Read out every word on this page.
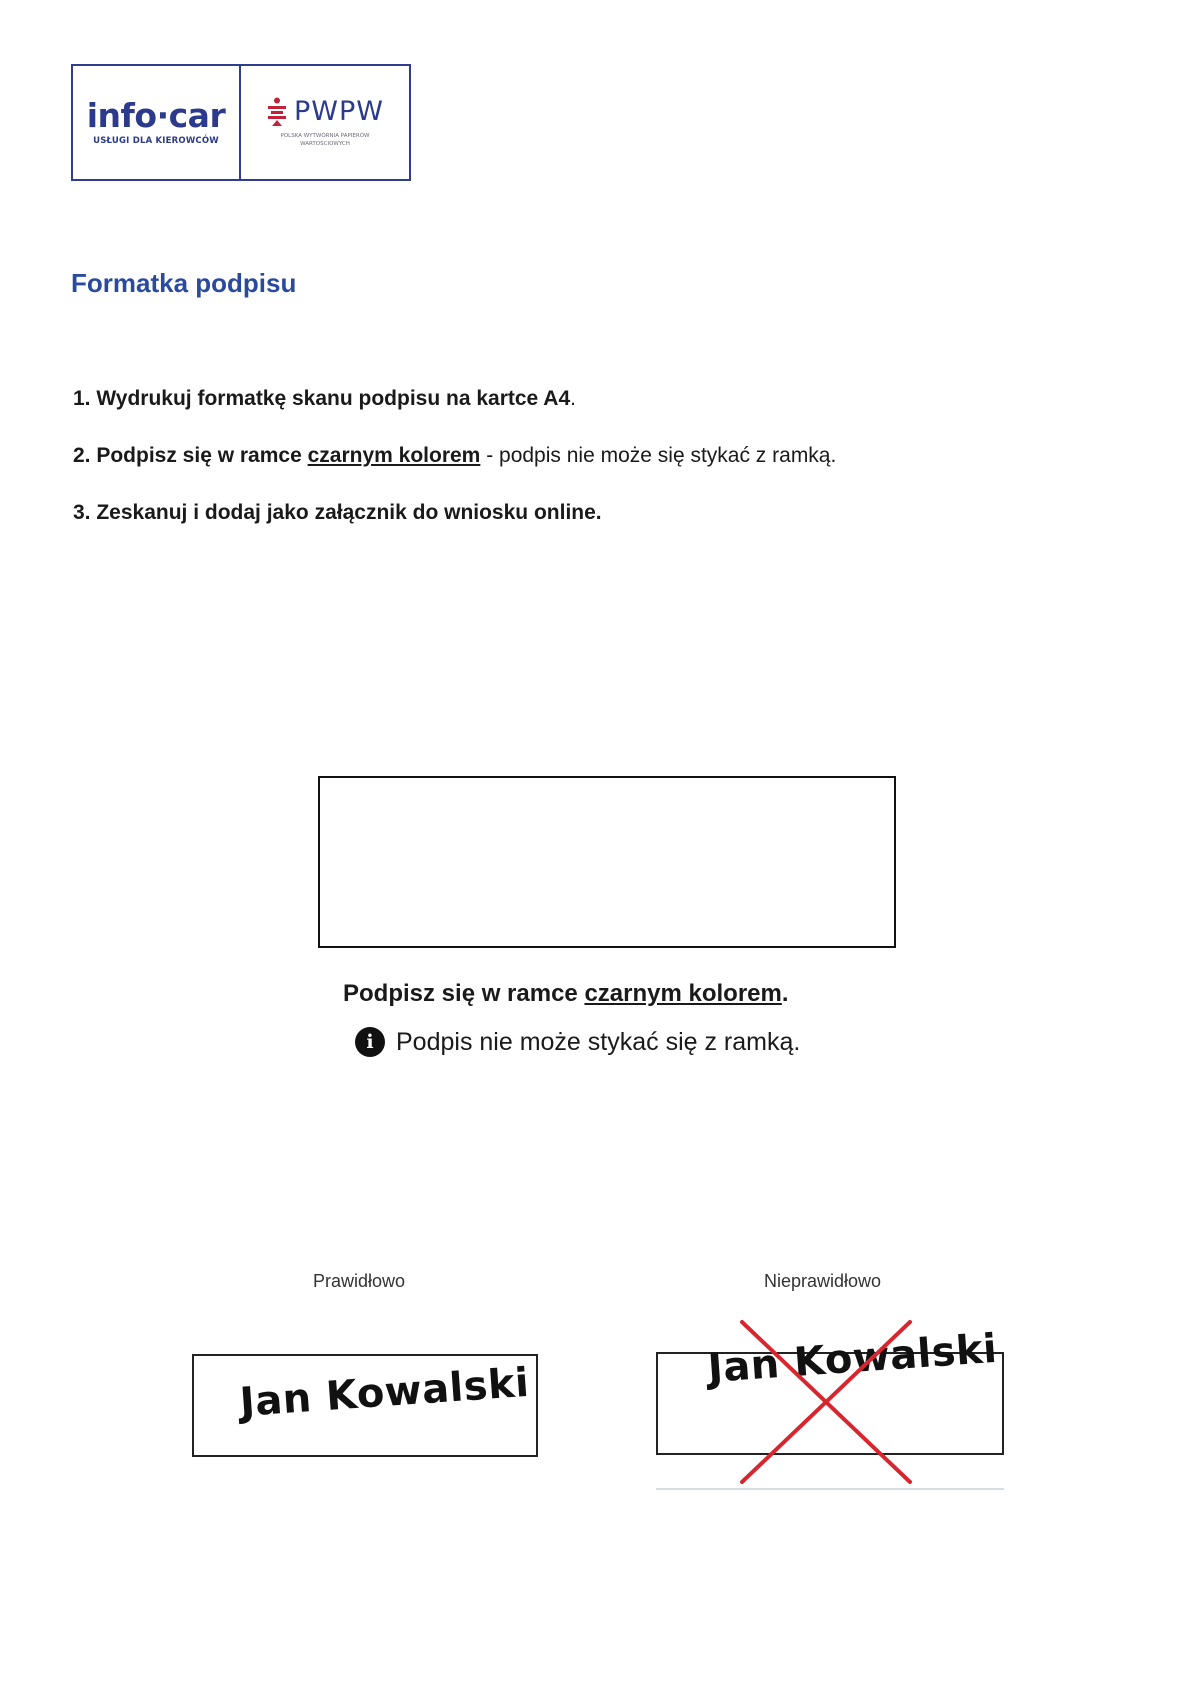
info·car
USŁUGI DLA KIEROWCÓW
PWPW
POLSKA WYTWÓRNIA PAPIERÓW WARTOŚCIOWYCH
Formatka podpisu
1. Wydrukuj formatkę skanu podpisu na kartce A4.
2. Podpisz się w ramce czarnym kolorem - podpis nie może się stykać z ramką.
3. Zeskanuj i dodaj jako załącznik do wniosku online.
Podpisz się w ramce czarnym kolorem.
i Podpis nie może stykać się z ramką.
Prawidłowo	Nieprawidłowo
Jan Kowalski
Jan Kowalski
